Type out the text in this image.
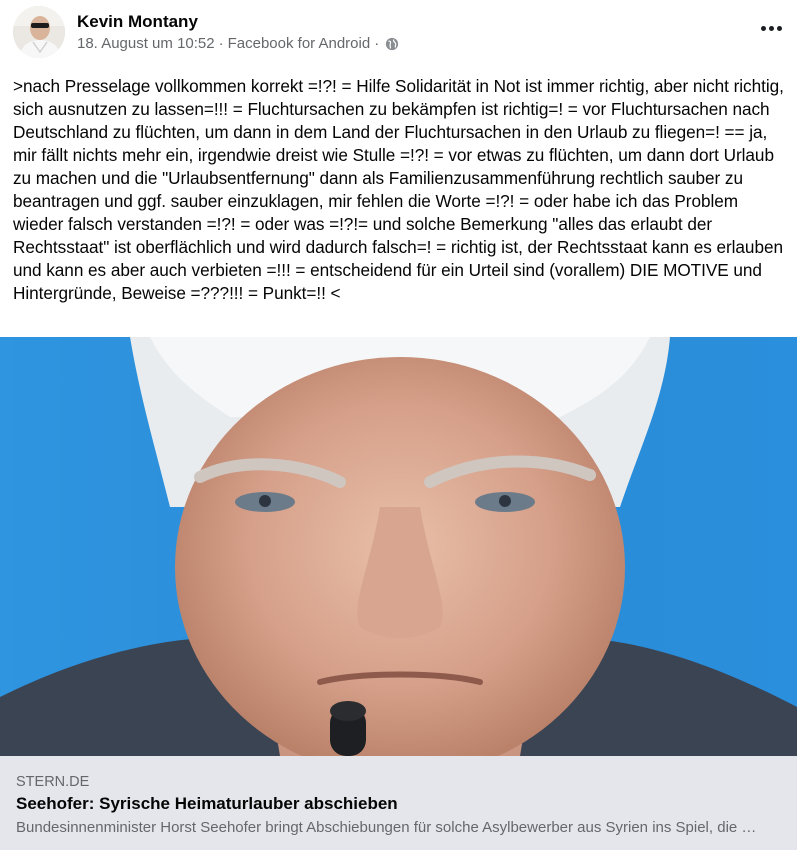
Kevin Montany
18. August um 10:52 · Facebook for Android ·
>nach Presselage vollkommen korrekt =!?! = Hilfe Solidarität in Not ist immer richtig, aber nicht richtig, sich ausnutzen zu lassen=!!! = Fluchtursachen zu bekämpfen ist richtig=! = vor Fluchtursachen nach Deutschland zu flüchten, um dann in dem Land der Fluchtursachen in den Urlaub zu fliegen=! == ja, mir fällt nichts mehr ein, irgendwie dreist wie Stulle =!?! = vor etwas zu flüchten, um dann dort Urlaub zu machen und die "Urlaubsentfernung" dann als Familienzusammenführung rechtlich sauber zu beantragen und ggf. sauber einzuklagen, mir fehlen die Worte =!?! = oder habe ich das Problem wieder falsch verstanden =!?! = oder was =!?!= und solche Bemerkung "alles das erlaubt der Rechtsstaat" ist oberflächlich und wird dadurch falsch=! = richtig ist, der Rechtsstaat kann es erlauben und kann es aber auch verbieten =!!! = entscheidend für ein Urteil sind (vorallem) DIE MOTIVE und Hintergründe, Beweise =???!!! = Punkt=!! <
STERN.DE
Seehofer: Syrische Heimaturlauber abschieben
Bundesinnenminister Horst Seehofer bringt Abschiebungen für solche Asylbewerber aus Syrien ins Spiel, die …
